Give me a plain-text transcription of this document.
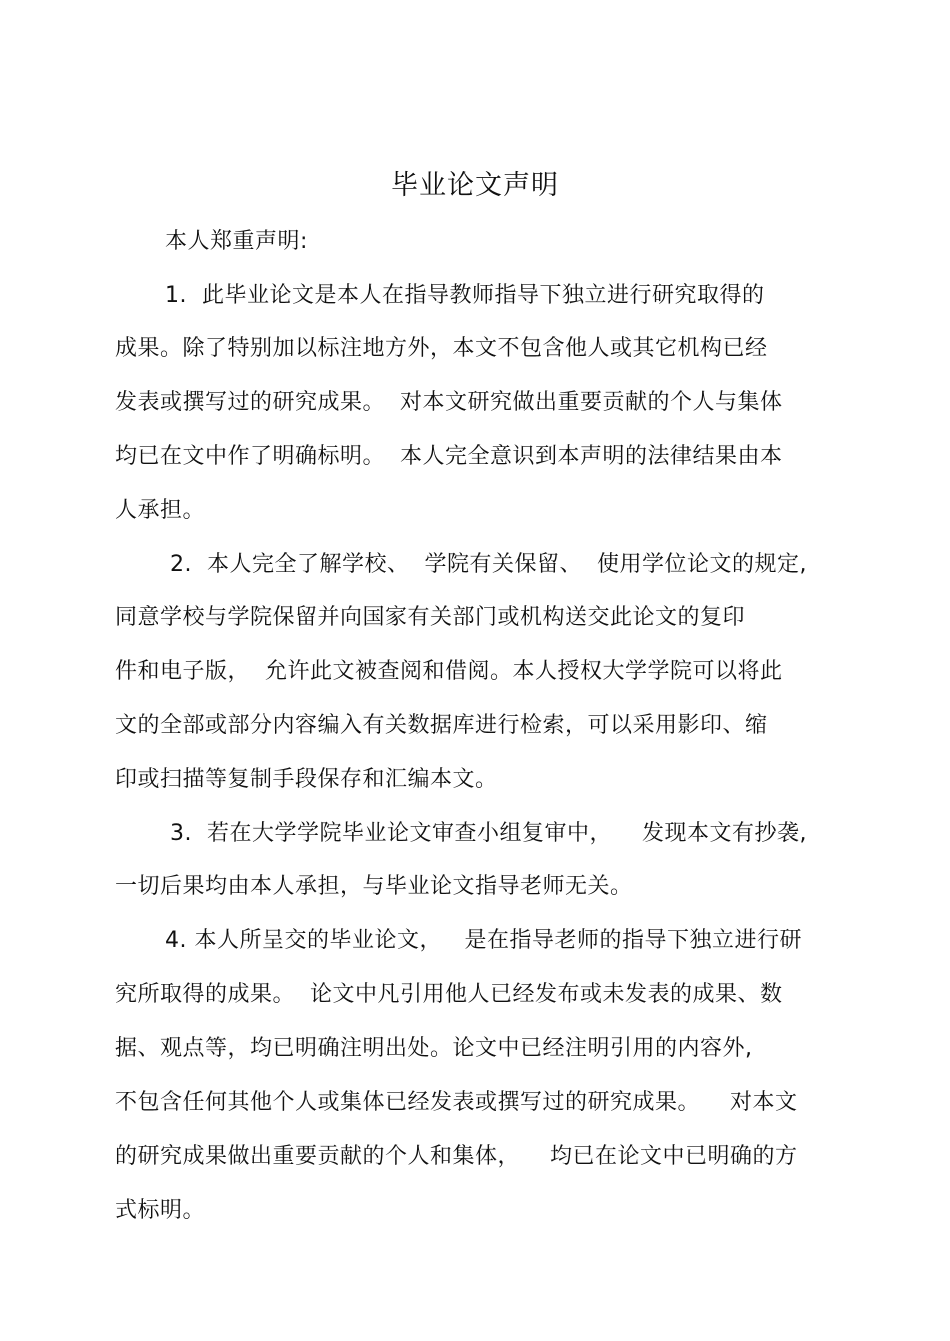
毕业论文声明

本人郑重声明:

1.  此毕业论文是本人在指导教师指导下独立进行研究取得的

成果。除了特别加以标注地方外，本文不包含他人或其它机构已经

发表或撰写过的研究成果。  对本文研究做出重要贡献的个人与集体

均已在文中作了明确标明。  本人完全意识到本声明的法律结果由本

人承担。

2.  本人完全了解学校、  学院有关保留、  使用学位论文的规定,

同意学校与学院保留并向国家有关部门或机构送交此论文的复印

件和电子版，  允许此文被查阅和借阅。本人授权大学学院可以将此

文的全部或部分内容编入有关数据库进行检索，可以采用影印、缩

印或扫描等复制手段保存和汇编本文。

3.  若在大学学院毕业论文审查小组复审中，    发现本文有抄袭,

一切后果均由本人承担，与毕业论文指导老师无关。

4. 本人所呈交的毕业论文，   是在指导老师的指导下独立进行研

究所取得的成果。  论文中凡引用他人已经发布或未发表的成果、数

据、观点等，均已明确注明出处。论文中已经注明引用的内容外,

不包含任何其他个人或集体已经发表或撰写过的研究成果。    对本文

的研究成果做出重要贡献的个人和集体，    均已在论文中已明确的方

式标明。
